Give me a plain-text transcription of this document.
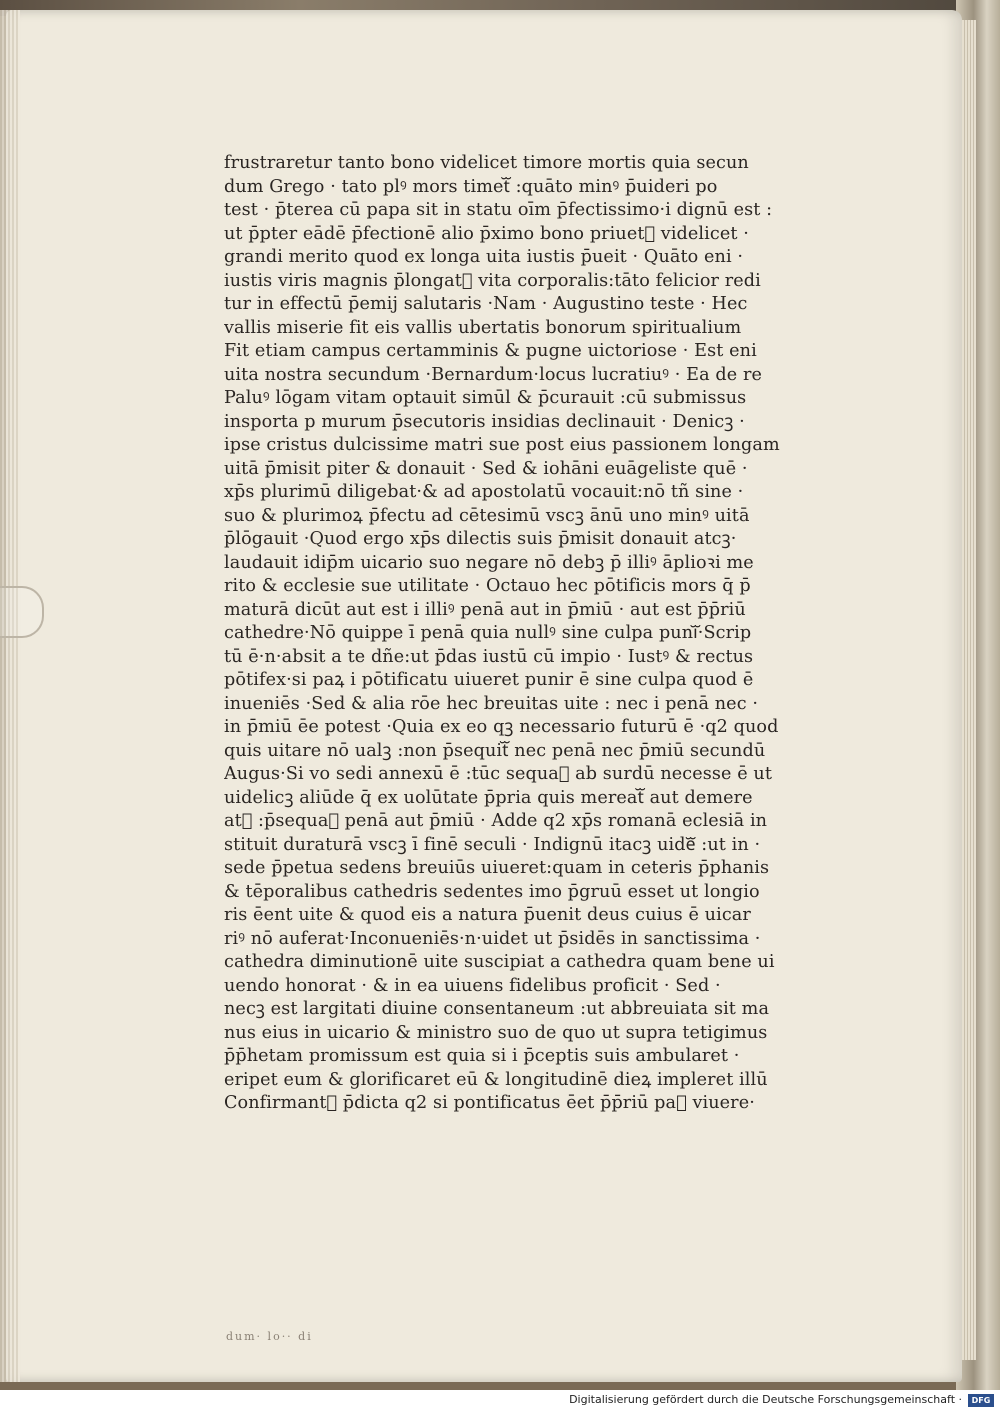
frustraretur tanto bono videlicet timore mortis quia secun
dum Grego · tato plꝰ mors timetᷓ :quāto minꝰ p̄uideri po
test · p̄terea cū papa sit in statu oīm p̄fectissimo·i dignū est :
ut p̄pter eādē p̄fectionē alio p̄ximo bono priuetᷓ videlicet ·
grandi merito quod ex longa uita iustis p̄ueit · Quāto eni ·
iustis viris magnis p̄longatᷓ vita corporalis:tāto felicior redi
tur in effectū p̄emij salutaris ·Nam · Augustino teste · Hec
vallis miserie fit eis vallis ubertatis bonorum spiritualium
Fit etiam campus certamminis & pugne uictoriose · Est eni
uita nostra secundum ·Bernardum·locus lucratiuꝰ · Ea de re
Paluꝰ lōgam vitam optauit simūl & p̄curauit :cū submissus
insporta p murum p̄secutoris insidias declinauit · Denicꝫ ·
ipse cristus dulcissime matri sue post eius passionem longam
uitā p̄misit piter & donauit · Sed & iohāni euāgeliste quē ·
xp̄s plurimū diligebat·& ad apostolatū vocauit:nō tñ sine ·
suo & plurimoꝝ p̄fectu ad cētesimū vscꝫ ānū uno minꝰ uitā
p̄lōgauit ·Quod ergo xp̄s dilectis suis p̄misit donauit atcꝫ·
laudauit idip̄m uicario suo negare nō debꝫ p̄ illiꝰ āplioꝛi me
rito & ecclesie sue utilitate · Octauo hec pōtificis mors q̄ p̄
maturā dicūt aut est i illiꝰ penā aut in p̄miū · aut est p̄p̄riū
cathedre·Nō quippe ī penā quia nullꝰ sine culpa puniᷓ·Scrip
tū ē·n·absit a te dñe:ut p̄das iustū cū impio · Iustꝰ & rectus
pōtifex·si paꝝ i pōtificatu uiueret punir ē sine culpa quod ē
inueniēs ·Sed & alia rōe hec breuitas uite : nec i penā nec ·
in p̄miū ēe potest ·Quia ex eo qꝫ necessario futurū ē ·q2 quod
quis uitare nō ualꝫ :non p̄sequitᷓ nec penā nec p̄miū secundū
Augus·Si vo sedi annexū ē :tūc sequaᷓ ab surdū necesse ē ut
uidelicꝫ aliūde q̄ ex uolūtate p̄pria quis mereatᷓ aut demere
atᷓ :p̄sequaᷓ penā aut p̄miū · Adde q2 xp̄s romanā eclesiā in
stituit duraturā vscꝫ ī finē seculi · Indignū itacꝫ uideᷓ :ut in ·
sede p̄petua sedens breuiūs uiueret:quam in ceteris p̄phanis
& tēporalibus cathedris sedentes imo p̄gruū esset ut longio
ris ēent uite & quod eis a natura p̄uenit deus cuius ē uicar
riꝰ nō auferat·Inconueniēs·n·uidet ut p̄sidēs in sanctissima ·
cathedra diminutionē uite suscipiat a cathedra quam bene ui
uendo honorat · & in ea uiuens fidelibus proficit · Sed ·
necꝫ est largitati diuine consentaneum :ut abbreuiata sit ma
nus eius in uicario & ministro suo de quo ut supra tetigimus
p̄p̄hetam promissum est quia si i p̄ceptis suis ambularet ·
eripet eum & glorificaret eū & longitudinē dieꝝ impleret illū
Confirmantᷓ p̄dicta q2 si pontificatus ēet p̄p̄riū paꝝ viuere·
dum· lo·· di
Digitalisierung gefördert durch die Deutsche Forschungsgemeinschaft ·	DFG
